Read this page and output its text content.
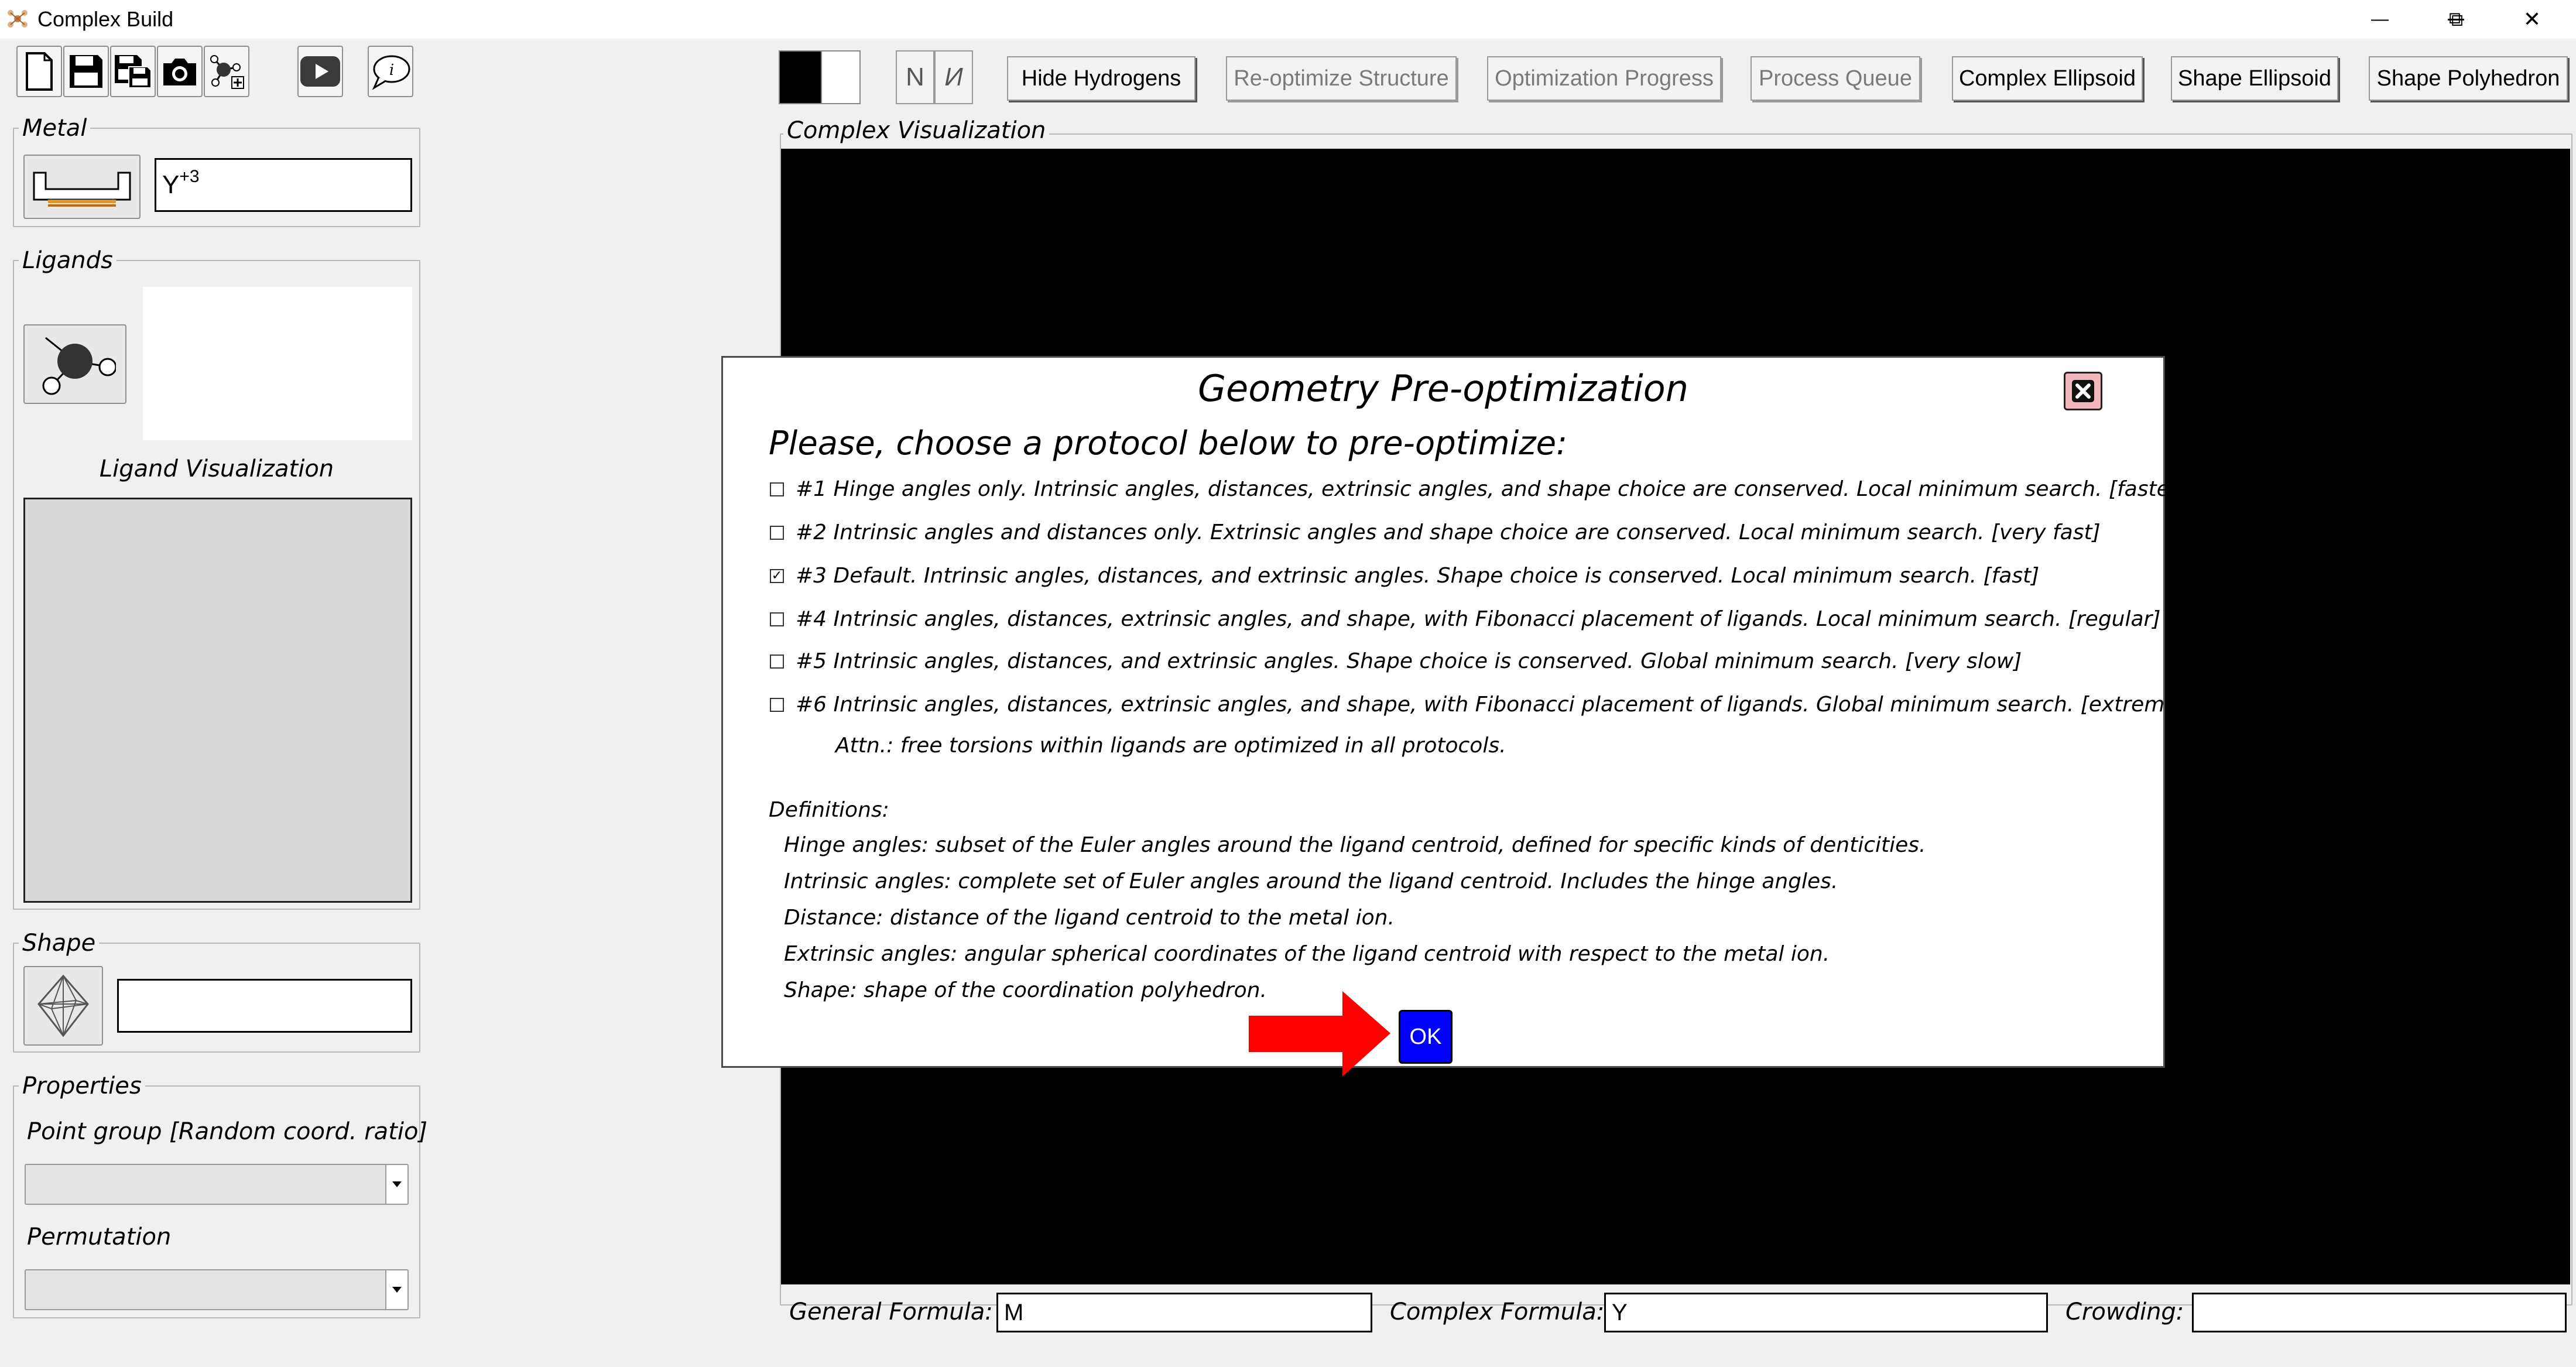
Complex Build	—	⧉	✕
i
Metal
$Y^{+3}$
Ligands
Ligand Visualization
Shape
Properties
Point group [Random coord. ratio]
Permutation
N И	Hide Hydrogens Re-optimize Structure Optimization Progress Process Queue Complex Ellipsoid Shape Ellipsoid Shape Polyhedron
Complex Visualization
General Formula: M	Complex Formula: Y	Crowding:
Geometry Pre-optimization
Please, choose a protocol below to pre-optimize:
#1 Hinge angles only. Intrinsic angles, distances, extrinsic angles, and shape choice are conserved. Local minimum search. [fastest]
#2 Intrinsic angles and distances only. Extrinsic angles and shape choice are conserved. Local minimum search. [very fast]
✓ #3 Default. Intrinsic angles, distances, and extrinsic angles. Shape choice is conserved. Local minimum search. [fast]
#4 Intrinsic angles, distances, extrinsic angles, and shape, with Fibonacci placement of ligands. Local minimum search. [regular]
#5 Intrinsic angles, distances, and extrinsic angles. Shape choice is conserved. Global minimum search. [very slow]
#6 Intrinsic angles, distances, extrinsic angles, and shape, with Fibonacci placement of ligands. Global minimum search. [extremely slow]
Attn.: free torsions within ligands are optimized in all protocols.
Definitions:
Hinge angles: subset of the Euler angles around the ligand centroid, defined for specific kinds of denticities.
Intrinsic angles: complete set of Euler angles around the ligand centroid. Includes the hinge angles.
Distance: distance of the ligand centroid to the metal ion.
Extrinsic angles: angular spherical coordinates of the ligand centroid with respect to the metal ion.
Shape: shape of the coordination polyhedron.
OK
